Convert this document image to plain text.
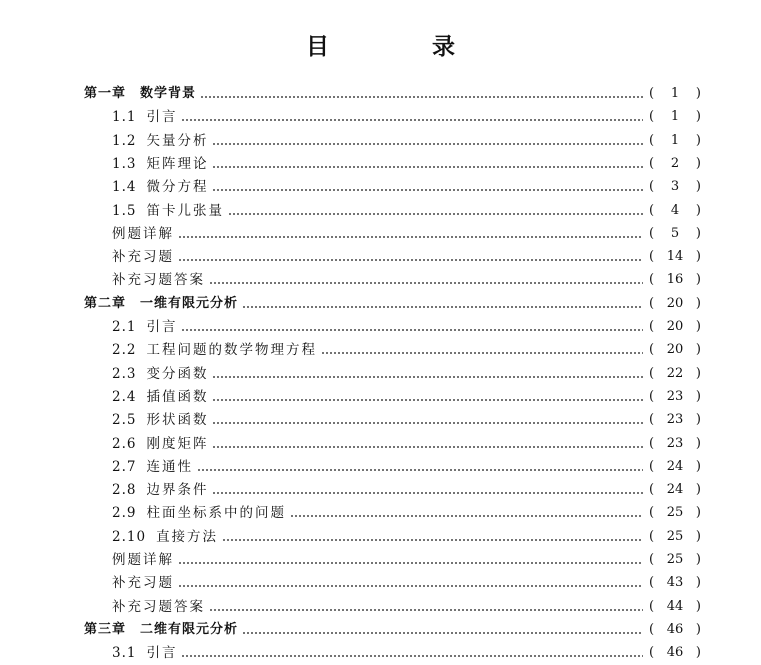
目　录
第一章 数学背景	(	1	)
1.1 引言	(	1	)
1.2 矢量分析	(	1	)
1.3 矩阵理论	(	2	)
1.4 微分方程	(	3	)
1.5 笛卡儿张量	(	4	)
例题详解	(	5	)
补充习题	( 14 )
补充习题答案	( 16 )
第二章 一维有限元分析	( 20 )
2.1 引言	( 20 )
2.2 工程问题的数学物理方程	( 20 )
2.3 变分函数	( 22 )
2.4 插值函数	( 23 )
2.5 形状函数	( 23 )
2.6 刚度矩阵	( 23 )
2.7 连通性	( 24 )
2.8 边界条件	( 24 )
2.9 柱面坐标系中的问题	( 25 )
2.10 直接方法	( 25 )
例题详解	( 25 )
补充习题	( 43 )
补充习题答案	( 44 )
第三章 二维有限元分析	( 46 )
3.1 引言	( 46 )
